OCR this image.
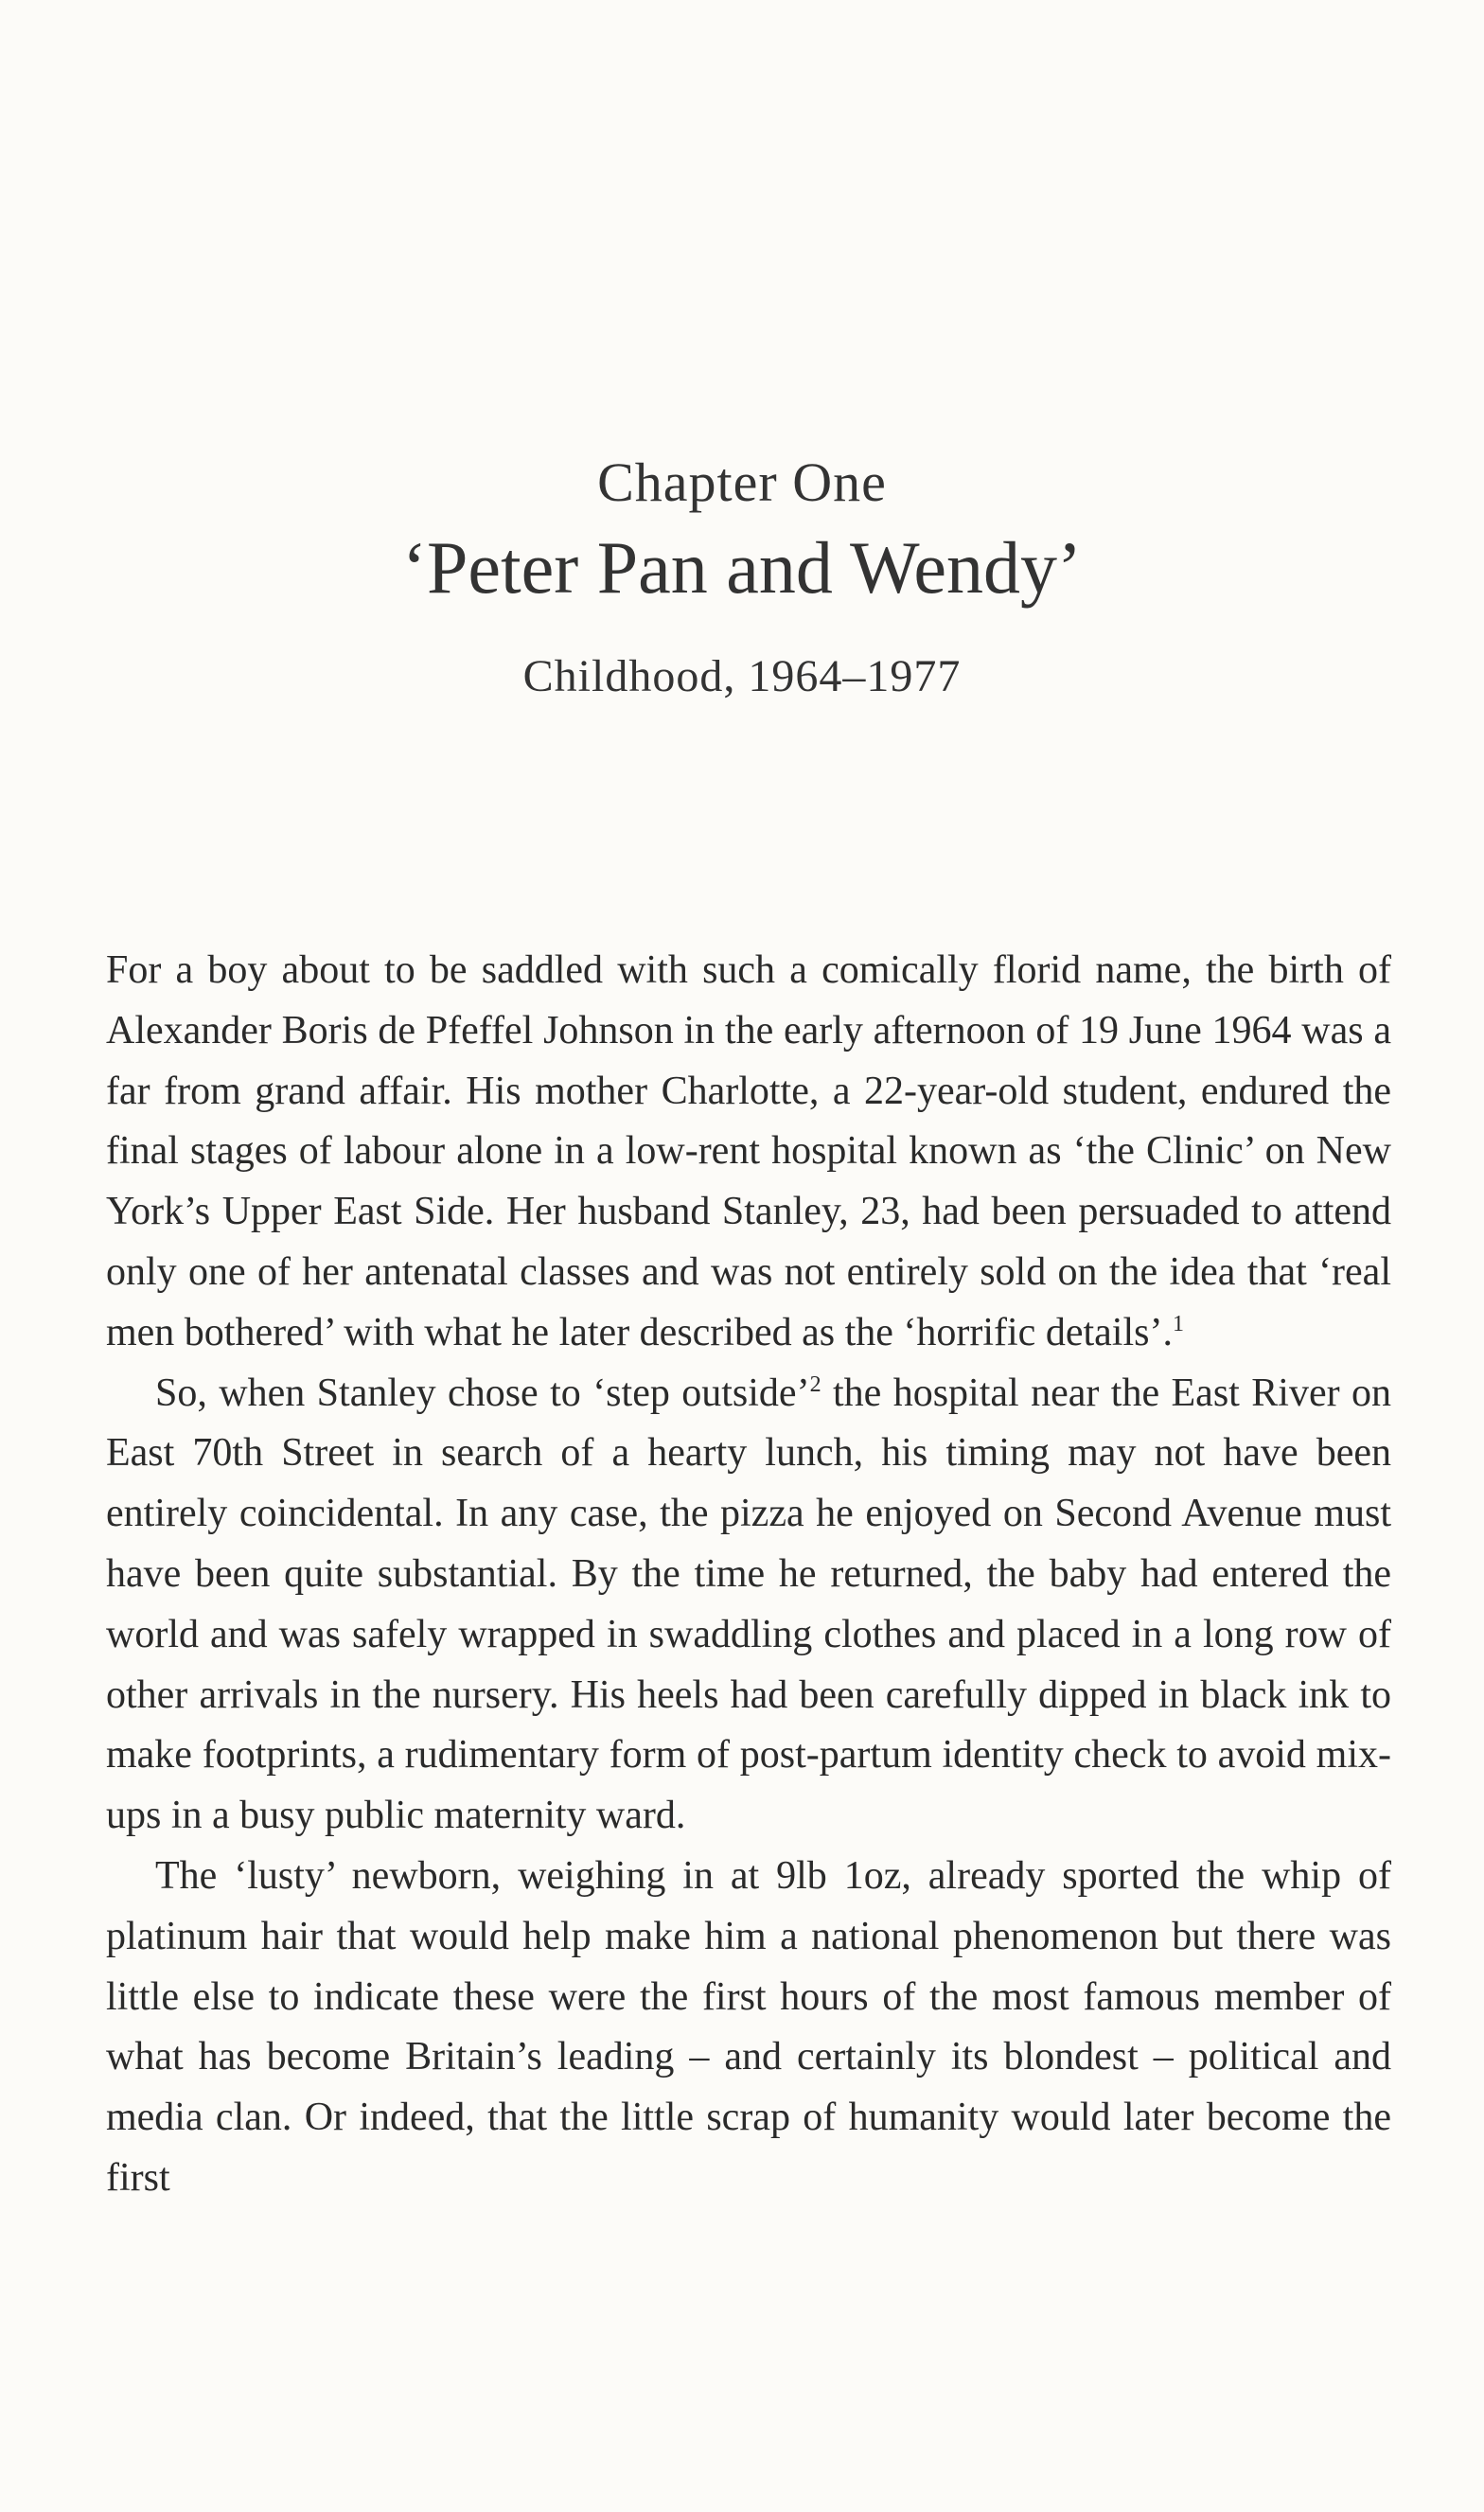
Chapter One
‘Peter Pan and Wendy’
Childhood, 1964–1977

For a boy about to be saddled with such a comically florid name, the birth of Alexander Boris de Pfeffel Johnson in the early afternoon of 19 June 1964 was a far from grand affair. His mother Charlotte, a 22-year-old student, endured the final stages of labour alone in a low-rent hospital known as ‘the Clinic’ on New York’s Upper East Side. Her husband Stanley, 23, had been persuaded to attend only one of her antenatal classes and was not entirely sold on the idea that ‘real men bothered’ with what he later described as the ‘horrific details’.$^1$

So, when Stanley chose to ‘step outside’$^2$ the hospital near the East River on East 70th Street in search of a hearty lunch, his timing may not have been entirely coincidental. In any case, the pizza he enjoyed on Second Avenue must have been quite substantial. By the time he returned, the baby had entered the world and was safely wrapped in swaddling clothes and placed in a long row of other arrivals in the nursery. His heels had been carefully dipped in black ink to make footprints, a rudimentary form of post-partum identity check to avoid mix-ups in a busy public maternity ward.

The ‘lusty’ newborn, weighing in at 9lb 1oz, already sported the whip of platinum hair that would help make him a national phenomenon but there was little else to indicate these were the first hours of the most famous member of what has become Britain’s leading – and certainly its blondest – political and media clan. Or indeed, that the little scrap of humanity would later become the first
